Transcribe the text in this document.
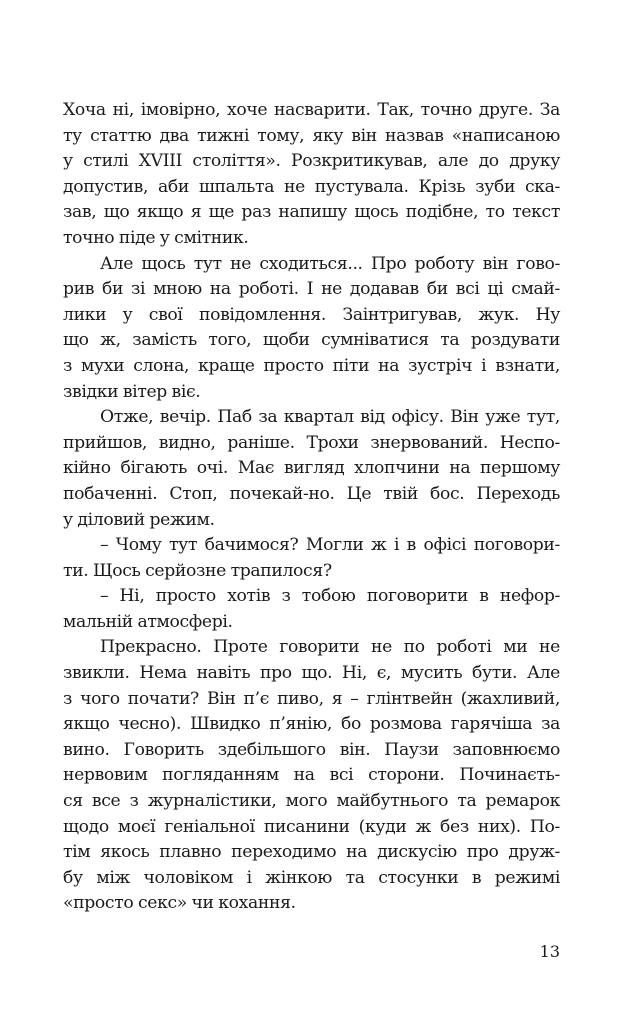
Хоча ні, імовірно, хоче насварити. Так, точно друге. За
ту статтю два тижні тому, яку він назвав «написаною
у стилі XVIII століття». Розкритикував, але до друку
допустив, аби шпальта не пустувала. Крізь зуби ска-
зав, що якщо я ще раз напишу щось подібне, то текст
точно піде у смітник.
Але щось тут не сходиться... Про роботу він гово-
рив би зі мною на роботі. І не додавав би всі ці смай-
лики у свої повідомлення. Заінтригував, жук. Ну
що ж, замість того, щоби сумніватися та роздувати
з мухи слона, краще просто піти на зустріч і взнати,
звідки вітер віє.
Отже, вечір. Паб за квартал від офісу. Він уже тут,
прийшов, видно, раніше. Трохи знервований. Неспо-
кійно бігають очі. Має вигляд хлопчини на першому
побаченні. Стоп, почекай-но. Це твій бос. Переходь
у діловий режим.
– Чому тут бачимося? Могли ж і в офісі поговори-
ти. Щось серйозне трапилося?
– Ні, просто хотів з тобою поговорити в нефор-
мальній атмосфері.
Прекрасно. Проте говорити не по роботі ми не
звикли. Нема навіть про що. Ні, є, мусить бути. Але
з чого почати? Він п’є пиво, я – глінтвейн (жахливий,
якщо чесно). Швидко п’янію, бо розмова гарячіша за
вино. Говорить здебільшого він. Паузи заповнюємо
нервовим погляданням на всі сторони. Починаєть-
ся все з журналістики, мого майбутнього та ремарок
щодо моєї геніальної писанини (куди ж без них). По-
тім якось плавно переходимо на дискусію про друж-
бу між чоловіком і жінкою та стосунки в режимі
«просто секс» чи кохання.
13
